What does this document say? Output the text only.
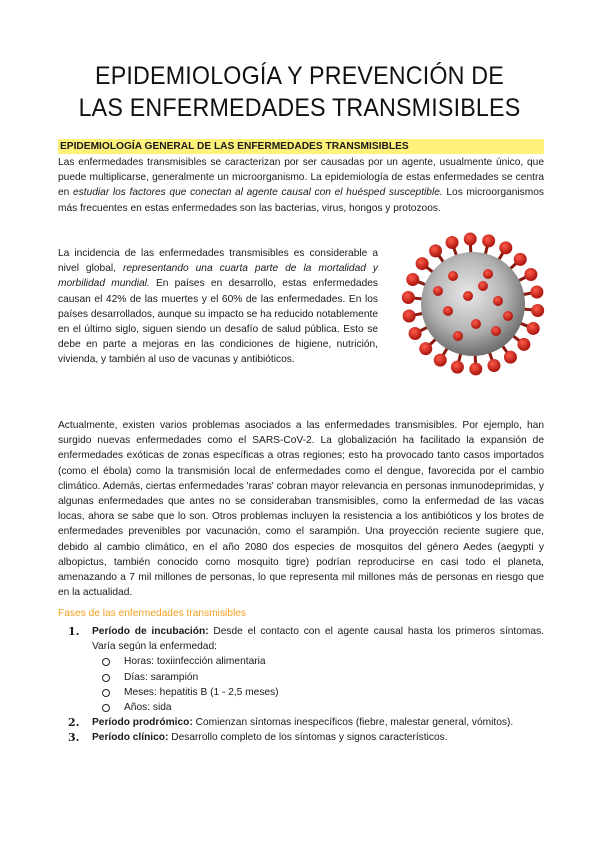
EPIDEMIOLOGÍA Y PREVENCIÓN DE
LAS ENFERMEDADES TRANSMISIBLES
EPIDEMIOLOGÍA GENERAL DE LAS ENFERMEDADES TRANSMISIBLES

Las enfermedades transmisibles se caracterizan por ser causadas por un agente, usualmente único, que puede multiplicarse, generalmente un microorganismo. La epidemiología de estas enfermedades se centra en estudiar los factores que conectan al agente causal con el huésped susceptible. Los microorganismos más frecuentes en estas enfermedades son las bacterias, virus, hongos y protozoos.

La incidencia de las enfermedades transmisibles es considerable a nivel global, representando una cuarta parte de la mortalidad y morbilidad mundial. En países en desarrollo, estas enfermedades causan el 42% de las muertes y el 60% de las enfermedades. En los países desarrollados, aunque su impacto se ha reducido notablemente en el último siglo, siguen siendo un desafío de salud pública. Esto se debe en parte a mejoras en las condiciones de higiene, nutrición, vivienda, y también al uso de vacunas y antibióticos.

Actualmente, existen varios problemas asociados a las enfermedades transmisibles. Por ejemplo, han surgido nuevas enfermedades como el SARS-CoV-2. La globalización ha facilitado la expansión de enfermedades exóticas de zonas específicas a otras regiones; esto ha provocado tanto casos importados (como el ébola) como la transmisión local de enfermedades como el dengue, favorecida por el cambio climático. Además, ciertas enfermedades 'raras' cobran mayor relevancia en personas inmunodeprimidas, y algunas enfermedades que antes no se consideraban transmisibles, como la enfermedad de las vacas locas, ahora se sabe que lo son. Otros problemas incluyen la resistencia a los antibióticos y los brotes de enfermedades prevenibles por vacunación, como el sarampión. Una proyección reciente sugiere que, debido al cambio climático, en el año 2080 dos especies de mosquitos del género Aedes (aegypti y albopictus, también conocido como mosquito tigre) podrían reproducirse en casi todo el planeta, amenazando a 7 mil millones de personas, lo que representa mil millones más de personas en riesgo que en la actualidad.

Fases de las enfermedades transmisibles
1. Período de incubación: Desde el contacto con el agente causal hasta los primeros síntomas. Varía según la enfermedad:
Horas: toxiinfección alimentaria
Días: sarampión
Meses: hepatitis B (1 - 2,5 meses)
Años: sida
2. Período prodrómico: Comienzan síntomas inespecíficos (fiebre, malestar general, vómitos).
3. Período clínico: Desarrollo completo de los síntomas y signos característicos.
